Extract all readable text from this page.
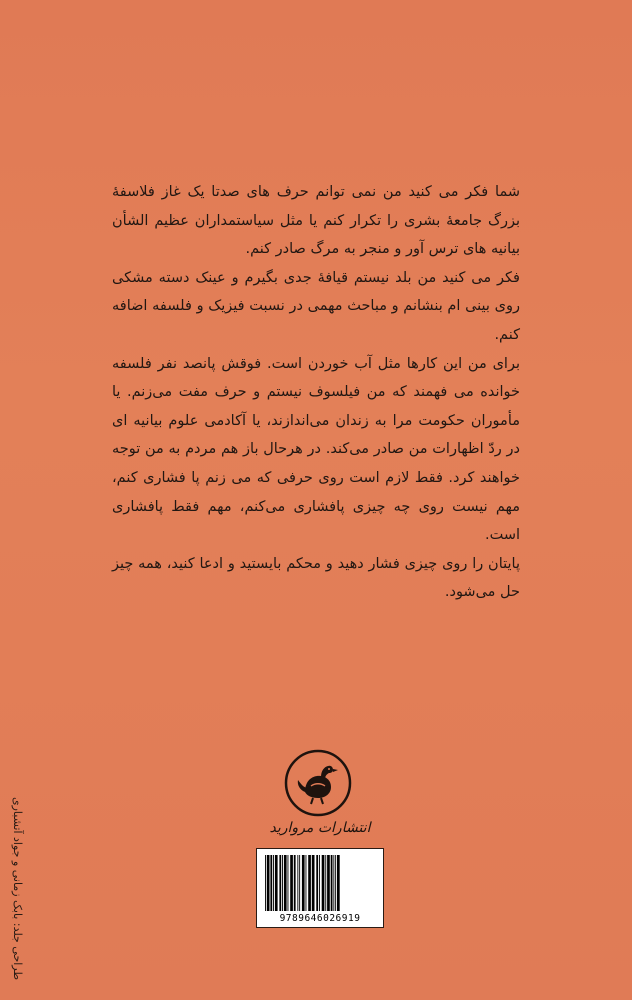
شما فکر می کنید من نمی توانم حرف های صدتا یک غاز فلاسفۀ بزرگ جامعۀ بشری را تکرار کنم یا مثل سیاستمداران عظیم الشأن بیانیه های ترس آور و منجر به مرگ صادر کنم.

فکر می کنید من بلد نیستم قیافۀ جدی بگیرم و عینک دسته مشکی روی بینی ام بنشانم و مباحث مهمی در نسبت فیزیک و فلسفه اضافه کنم.

برای من این کارها مثل آب خوردن است. فوقش پانصد نفر فلسفه خوانده می فهمند که من فیلسوف نیستم و حرف مفت می‌زنم. یا مأموران حکومت مرا به زندان می‌اندازند، یا آکادمی علوم بیانیه ای در ردّ اظهارات من صادر می‌کند. در هرحال باز هم مردم به من توجه خواهند کرد. فقط لازم است روی حرفی که می زنم پا فشاری کنم، مهم نیست روی چه چیزی پافشاری می‌کنم، مهم فقط پافشاری است.

پایتان را روی چیزی فشار دهید و محکم بایستید و ادعا کنید، همه چیز حل می‌شود.

انتشارات مروارید
طراحی جلد: بابک زمانی و جواد آتشباری	9789646026919
